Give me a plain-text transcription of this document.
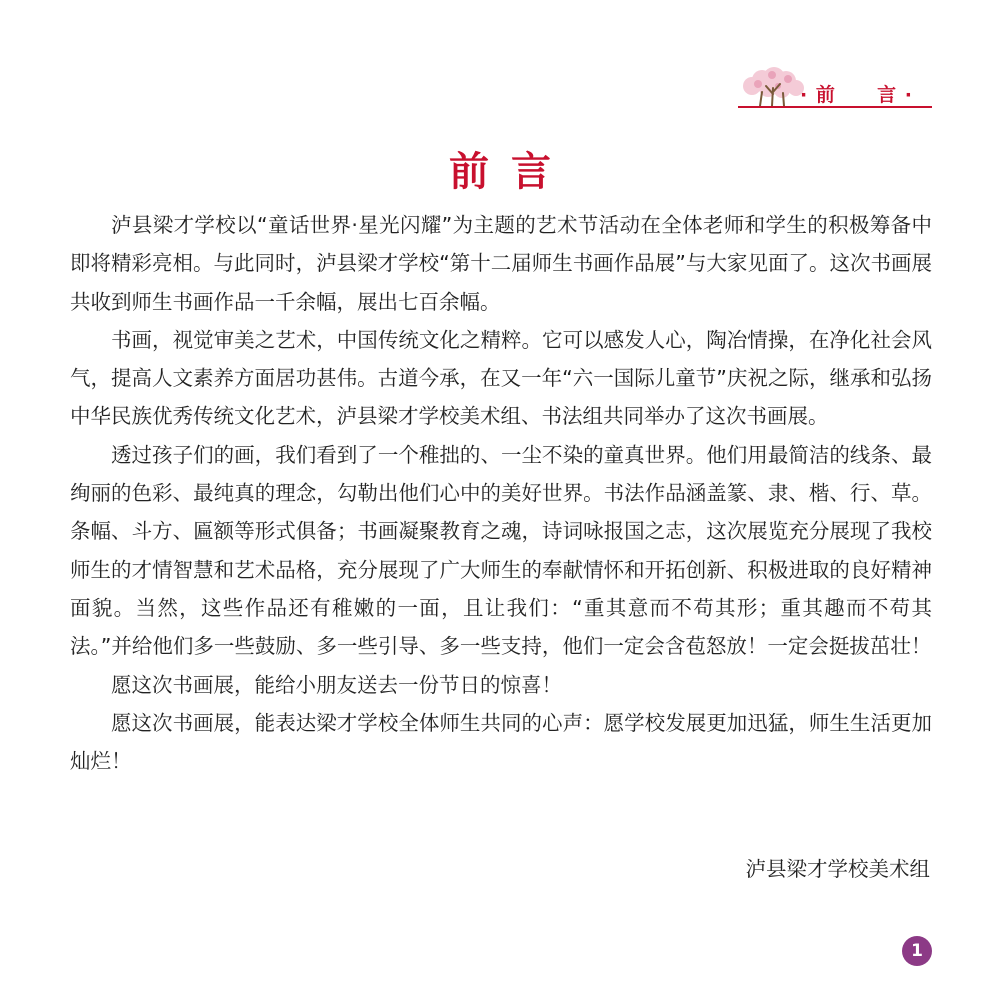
· 前 言 ·
前言

泸县梁才学校以“童话世界·星光闪耀”为主题的艺术节活动在全体老师和学生的积极筹备中即将精彩亮相。与此同时，泸县梁才学校“第十二届师生书画作品展”与大家见面了。这次书画展共收到师生书画作品一千余幅，展出七百余幅。

书画，视觉审美之艺术，中国传统文化之精粹。它可以感发人心，陶冶情操，在净化社会风气，提高人文素养方面居功甚伟。古道今承，在又一年“六一国际儿童节”庆祝之际，继承和弘扬中华民族优秀传统文化艺术，泸县梁才学校美术组、书法组共同举办了这次书画展。

透过孩子们的画，我们看到了一个稚拙的、一尘不染的童真世界。他们用最简洁的线条、最绚丽的色彩、最纯真的理念，勾勒出他们心中的美好世界。书法作品涵盖篆、隶、楷、行、草。条幅、斗方、匾额等形式俱备；书画凝聚教育之魂，诗词咏报国之志，这次展览充分展现了我校师生的才情智慧和艺术品格，充分展现了广大师生的奉献情怀和开拓创新、积极进取的良好精神面貌。当然，这些作品还有稚嫩的一面，且让我们：“重其意而不苟其形；重其趣而不苟其法。”并给他们多一些鼓励、多一些引导、多一些支持，他们一定会含苞怒放！一定会挺拔茁壮！

愿这次书画展，能给小朋友送去一份节日的惊喜！

愿这次书画展，能表达梁才学校全体师生共同的心声：愿学校发展更加迅猛，师生生活更加灿烂！

泸县梁才学校美术组
1
